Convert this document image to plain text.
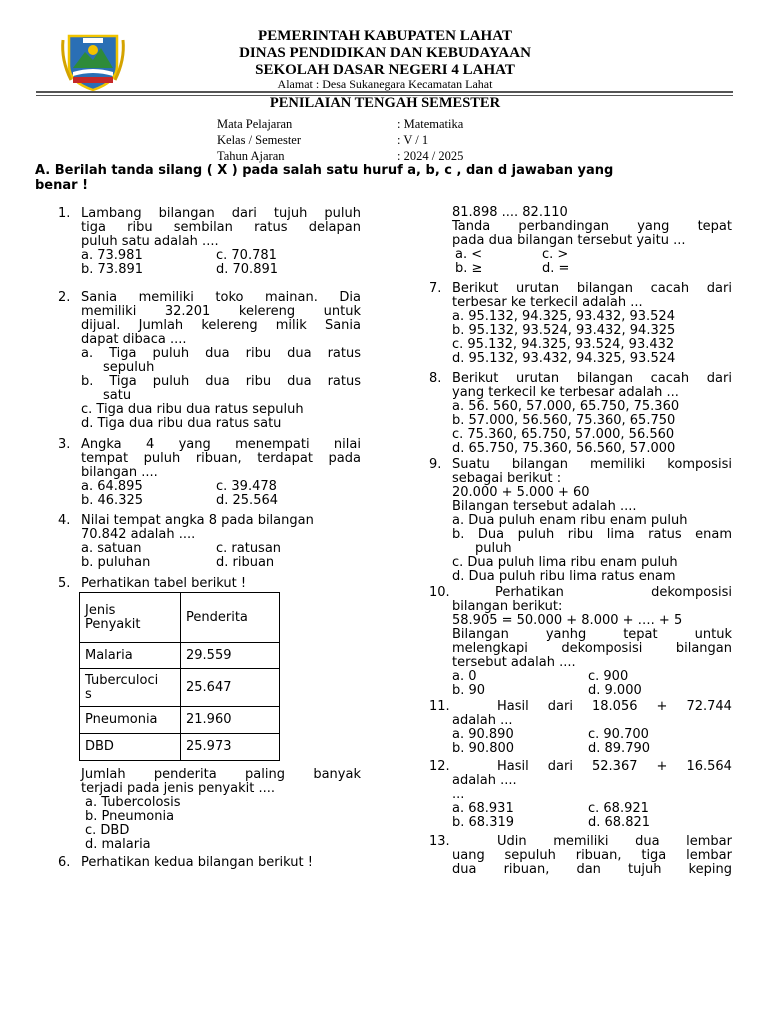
PEMERINTAH KABUPATEN LAHAT
DINAS PENDIDIKAN DAN KEBUDAYAAN
SEKOLAH DASAR NEGERI 4 LAHAT
Alamat : Desa Sukanegara Kecamatan Lahat
PENILAIAN TENGAH SEMESTER
Mata Pelajaran	: Matematika
Kelas / Semester	: V / 1
Tahun Ajaran	: 2024 / 2025
A. Berilah tanda silang ( X ) pada salah satu huruf a, b, c , dan d jawaban yang
benar !
1. Lambang bilangan dari tujuh puluh
tiga ribu sembilan ratus delapan
puluh satu adalah ....
a. 73.981	c. 70.781
b. 73.891	d. 70.891
2. Sania memiliki toko mainan. Dia
memiliki 32.201 kelereng untuk
dijual. Jumlah kelereng milik Sania
dapat dibaca ....
a. Tiga puluh dua ribu dua ratus
sepuluh
b. Tiga puluh dua ribu dua ratus
satu
c. Tiga dua ribu dua ratus sepuluh
d. Tiga dua ribu dua ratus satu
3. Angka 4 yang menempati nilai
tempat puluh ribuan, terdapat pada
bilangan ....
a. 64.895	c. 39.478
b. 46.325	d. 25.564
4. Nilai tempat angka 8 pada bilangan
70.842 adalah ....
a. satuan	c. ratusan
b. puluhan	d. ribuan
5. Perhatikan tabel berikut !
Jenis
Penyakit	Penderita
Malaria	29.559
Tuberculoci
s	25.647
Pneumonia	21.960
DBD	25.973
Jumlah penderita paling banyak
terjadi pada jenis penyakit ....
a. Tubercolosis
b. Pneumonia
c. DBD
d. malaria
6. Perhatikan kedua bilangan berikut !
81.898 .... 82.110
Tanda perbandingan yang tepat
pada dua bilangan tersebut yaitu ...
a. <	c. >
b. ≥	d. =
7. Berikut urutan bilangan cacah dari
terbesar ke terkecil adalah ...
a. 95.132, 94.325, 93.432, 93.524
b. 95.132, 93.524, 93.432, 94.325
c. 95.132, 94.325, 93.524, 93.432
d. 95.132, 93.432, 94.325, 93.524
8. Berikut urutan bilangan cacah dari
yang terkecil ke terbesar adalah ...
a. 56. 560, 57.000, 65.750, 75.360
b. 57.000, 56.560, 75.360, 65.750
c. 75.360, 65.750, 57.000, 56.560
d. 65.750, 75.360, 56.560, 57.000
9. Suatu bilangan memiliki komposisi
sebagai berikut :
20.000 + 5.000 + 60
Bilangan tersebut adalah ....
a. Dua puluh enam ribu enam puluh
b. Dua puluh ribu lima ratus enam
puluh
c. Dua puluh lima ribu enam puluh
d. Dua puluh ribu lima ratus enam
10.	Perhatikan	dekomposisi
bilangan berikut:
58.905 = 50.000 + 8.000 + …. + 5
Bilangan	yanhg	tepat	untuk
melengkapi	dekomposisi	bilangan
tersebut adalah ....
a. 0	c. 900
b. 90	d. 9.000
11.	Hasil dari 18.056 + 72.744
adalah ...
a. 90.890	c. 90.700
b. 90.800	d. 89.790
12.	Hasil dari 52.367 + 16.564
adalah ....
...
a. 68.931	c. 68.921
b. 68.319	d. 68.821
13.	Udin memiliki dua lembar
uang sepuluh ribuan, tiga lembar
dua ribuan, dan tujuh keping
